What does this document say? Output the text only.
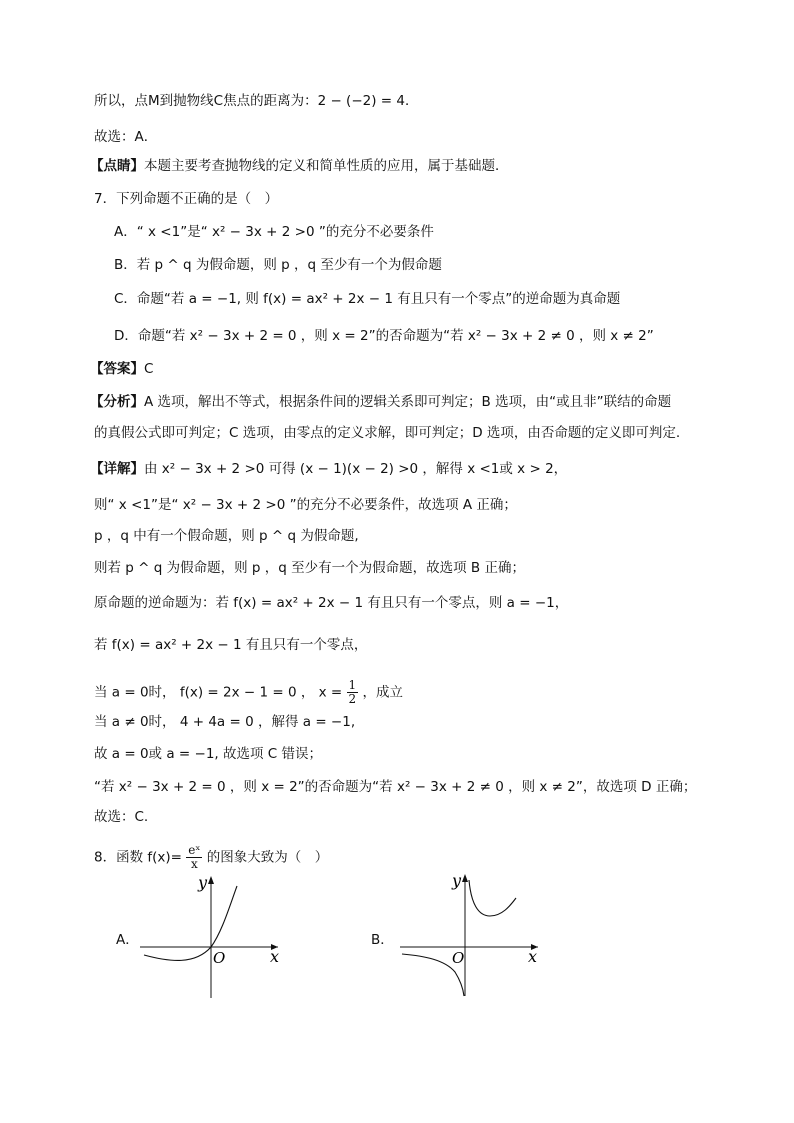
所以，点M到抛物线C焦点的距离为：2 − (−2) = 4．
故选：A．
【点睛】本题主要考查抛物线的定义和简单性质的应用，属于基础题．
7．下列命题不正确的是（　）
A．“ x <1”是“ x² − 3x + 2 >0 ”的充分不必要条件
B．若 p ^ q 为假命题，则 p ，q 至少有一个为假命题
C．命题“若 a = −1, 则 f(x) = ax² + 2x − 1 有且只有一个零点”的逆命题为真命题
D．命题“若 x² − 3x + 2 = 0 ，则 x = 2”的否命题为“若 x² − 3x + 2 ≠ 0 ，则 x ≠ 2”
【答案】C
【分析】A 选项，解出不等式，根据条件间的逻辑关系即可判定；B 选项，由“或且非”联结的命题
的真假公式即可判定；C 选项，由零点的定义求解，即可判定；D 选项，由否命题的定义即可判定.
【详解】由 x² − 3x + 2 >0 可得 (x − 1)(x − 2) >0 ，解得 x <1或 x > 2，
则“ x <1”是“ x² − 3x + 2 >0 ”的充分不必要条件，故选项 A 正确；
p ，q 中有一个假命题，则 p ^ q 为假命题,
则若 p ^ q 为假命题，则 p ，q 至少有一个为假命题，故选项 B 正确；
原命题的逆命题为：若 f(x) = ax² + 2x − 1 有且只有一个零点，则 a = −1，
若 f(x) = ax² + 2x − 1 有且只有一个零点，
当 a = 0时， f(x) = 2x − 1 = 0 ， $x = \frac{1}{2}$ ，成立
当 a ≠ 0时， 4 + 4a = 0 ，解得 a = −1,
故 a = 0或 a = −1, 故选项 C 错误；
“若 x² − 3x + 2 = 0 ，则 x = 2”的否命题为“若 x² − 3x + 2 ≠ 0 ，则 x ≠ 2”，故选项 D 正确；
故选：C.
8．函数 $f(x)= \frac{\text{eˣ}}{x}$ 的图象大致为（　）
A．
x
y
O
B．
x
y
O
